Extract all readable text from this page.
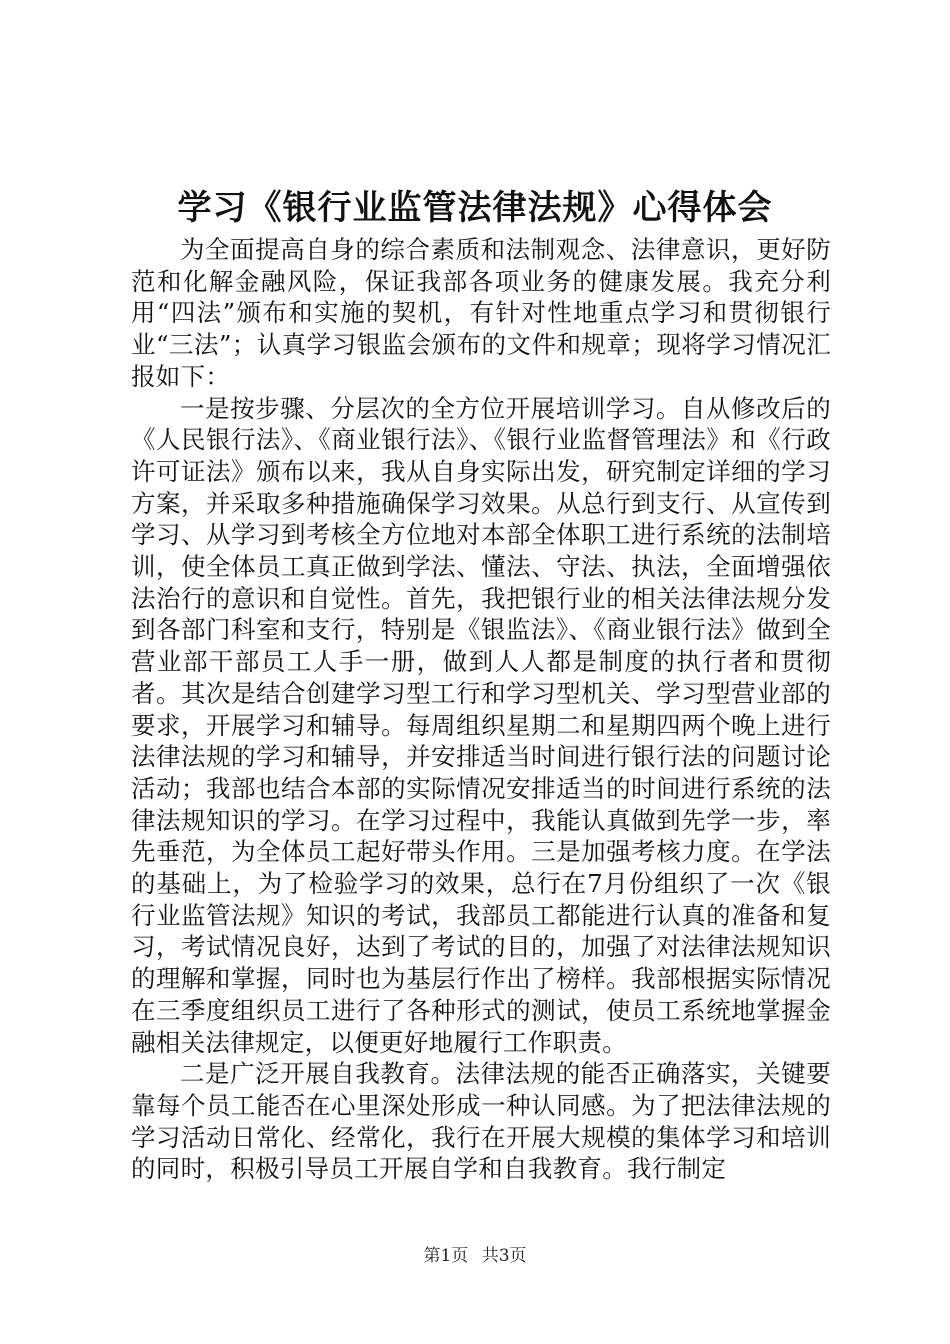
学习《银行业监管法律法规》心得体会

为全面提高自身的综合素质和法制观念、法律意识，更好防范和化解金融风险，保证我部各项业务的健康发展。我充分利用“四法”颁布和实施的契机，有针对性地重点学习和贯彻银行业“三法”；认真学习银监会颁布的文件和规章；现将学习情况汇报如下：

一是按步骤、分层次的全方位开展培训学习。自从修改后的《人民银行法》、《商业银行法》、《银行业监督管理法》和《行政许可证法》颁布以来，我从自身实际出发，研究制定详细的学习方案，并采取多种措施确保学习效果。从总行到支行、从宣传到学习、从学习到考核全方位地对本部全体职工进行系统的法制培训，使全体员工真正做到学法、懂法、守法、执法，全面增强依法治行的意识和自觉性。首先，我把银行业的相关法律法规分发到各部门科室和支行，特别是《银监法》、《商业银行法》做到全营业部干部员工人手一册，做到人人都是制度的执行者和贯彻者。其次是结合创建学习型工行和学习型机关、学习型营业部的要求，开展学习和辅导。每周组织星期二和星期四两个晚上进行法律法规的学习和辅导，并安排适当时间进行银行法的问题讨论活动；我部也结合本部的实际情况安排适当的时间进行系统的法律法规知识的学习。在学习过程中，我能认真做到先学一步，率先垂范，为全体员工起好带头作用。三是加强考核力度。在学法的基础上，为了检验学习的效果，总行在7月份组织了一次《银行业监管法规》知识的考试，我部员工都能进行认真的准备和复习，考试情况良好，达到了考试的目的，加强了对法律法规知识的理解和掌握，同时也为基层行作出了榜样。我部根据实际情况在三季度组织员工进行了各种形式的测试，使员工系统地掌握金融相关法律规定，以便更好地履行工作职责。

二是广泛开展自我教育。法律法规的能否正确落实，关键要靠每个员工能否在心里深处形成一种认同感。为了把法律法规的学习活动日常化、经常化，我行在开展大规模的集体学习和培训的同时，积极引导员工开展自学和自我教育。我行制定

第1页 共3页
